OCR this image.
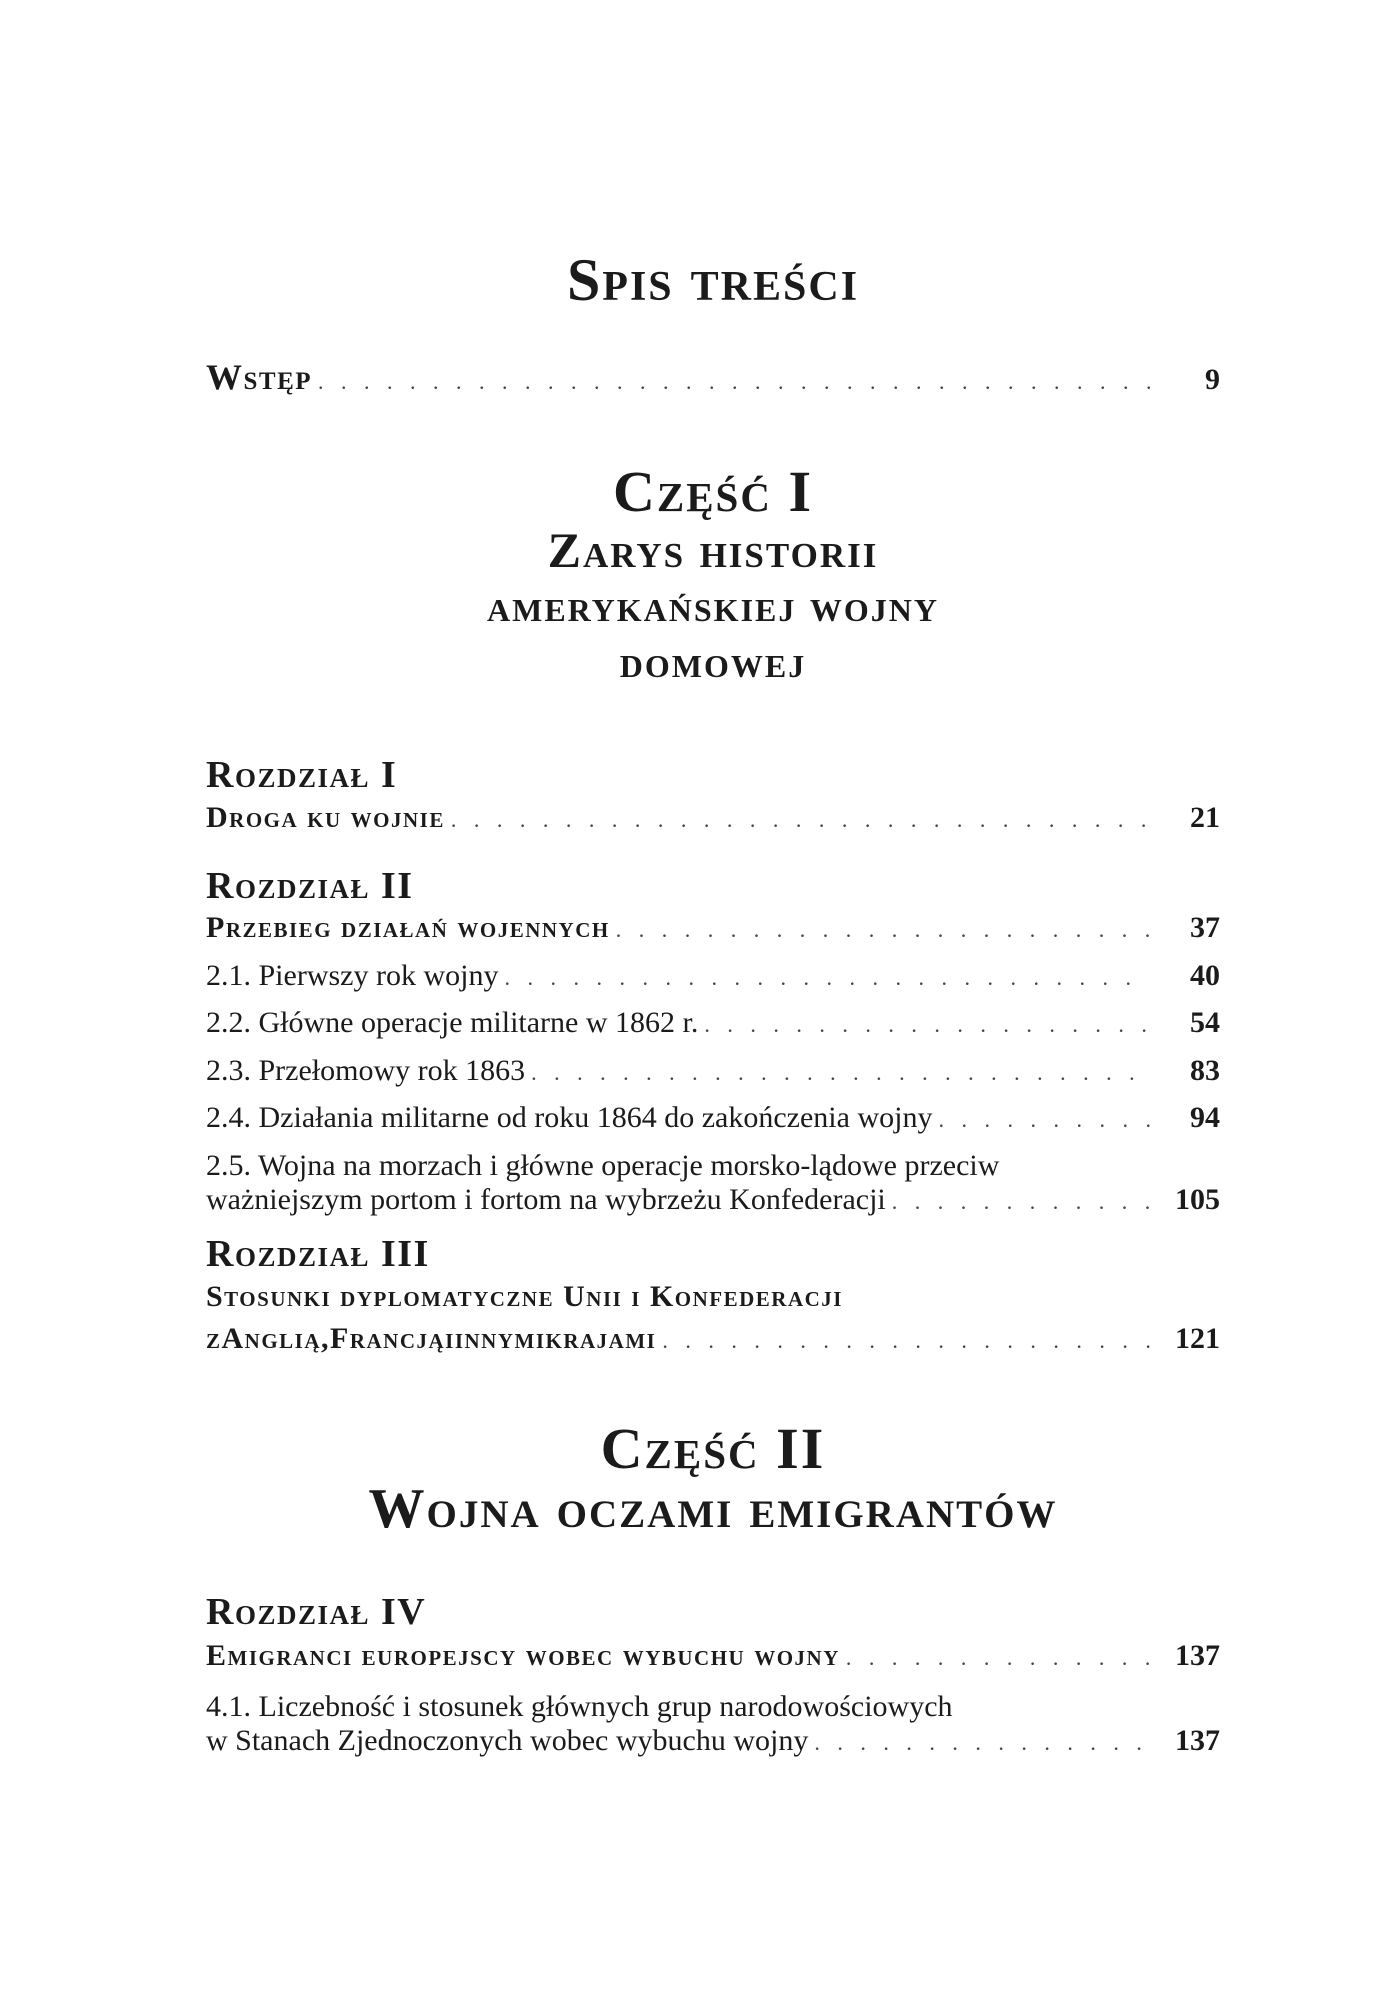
Spis treści
Wstęp . . .	9
Część I
Zarys historii
amerykańskiej wojny
domowej
Rozdział I
Droga ku wojnie . . .	21
Rozdział II
Przebieg działań wojennych . . .	37
2.1. Pierwszy rok wojny . . .	40
2.2. Główne operacje militarne w 1862 r. . . .	54
2.3. Przełomowy rok 1863 . . .	83
2.4. Działania militarne od roku 1864 do zakończenia wojny . . .	94
2.5. Wojna na morzach i główne operacje morsko-lądowe przeciw
ważniejszym portom i fortom na wybrzeżu Konfederacji . . .	105
Rozdział III
Stosunki dyplomatyczne Unii i Konfederacji
zAnglią,Francjąiinnymikrajami . . .	121
Część II
Wojna oczami emigrantów
Rozdział IV
Emigranci europejscy wobec wybuchu wojny . . .	137
4.1. Liczebność i stosunek głównych grup narodowościowych
w Stanach Zjednoczonych wobec wybuchu wojny . . .	137
